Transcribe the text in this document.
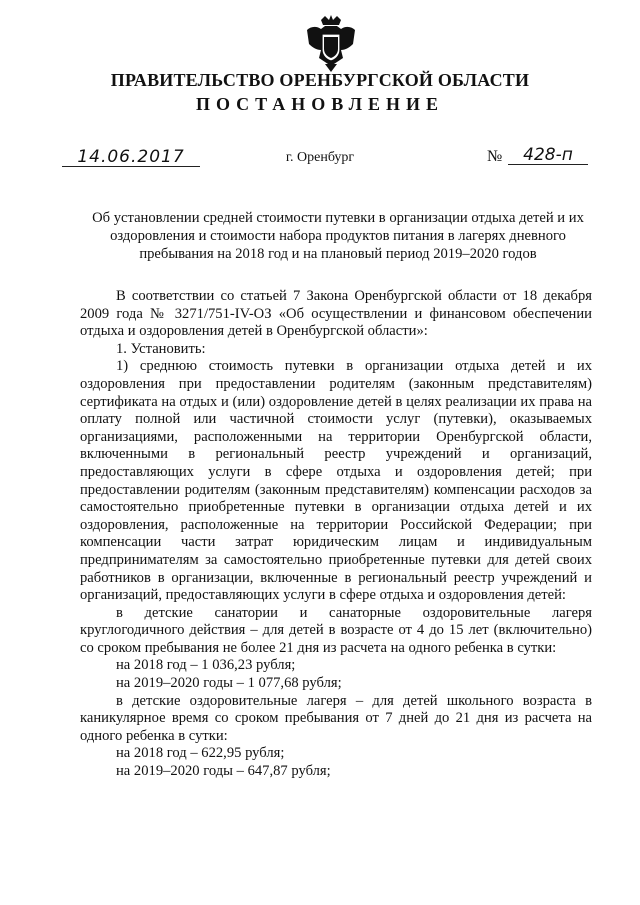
ПРАВИТЕЛЬСТВО ОРЕНБУРГСКОЙ ОБЛАСТИ
ПОСТАНОВЛЕНИЕ
14.06.2017	г. Оренбург	№	428-п
Об установлении средней стоимости путевки в организации отдыха детей и их оздоровления и стоимости набора продуктов питания в лагерях дневного пребывания на 2018 год и на плановый период 2019–2020 годов

В соответствии со статьей 7 Закона Оренбургской области от 18 декабря 2009 года № 3271/751-IV-ОЗ «Об осуществлении и финансовом обеспечении отдыха и оздоровления детей в Оренбургской области»:

1. Установить:

1) среднюю стоимость путевки в организации отдыха детей и их оздоровления при предоставлении родителям (законным представителям) сертификата на отдых и (или) оздоровление детей в целях реализации их права на оплату полной или частичной стоимости услуг (путевки), оказываемых организациями, расположенными на территории Оренбургской области, включенными в региональный реестр учреждений и организаций, предоставляющих услуги в сфере отдыха и оздоровления детей; при предоставлении родителям (законным представителям) компенсации расходов за самостоятельно приобретенные путевки в организации отдыха детей и их оздоровления, расположенные на территории Российской Федерации; при компенсации части затрат юридическим лицам и индивидуальным предпринимателям за самостоятельно приобретенные путевки для детей своих работников в организации, включенные в региональный реестр учреждений и организаций, предоставляющих услуги в сфере отдыха и оздоровления детей:

в детские санатории и санаторные оздоровительные лагеря круглогодичного действия – для детей в возрасте от 4 до 15 лет (включительно) со сроком пребывания не более 21 дня из расчета на одного ребенка в сутки:

на 2018 год – 1 036,23 рубля;

на 2019–2020 годы – 1 077,68 рубля;

в детские оздоровительные лагеря – для детей школьного возраста в каникулярное время со сроком пребывания от 7 дней до 21 дня из расчета на одного ребенка в сутки:

на 2018 год – 622,95 рубля;

на 2019–2020 годы – 647,87 рубля;
